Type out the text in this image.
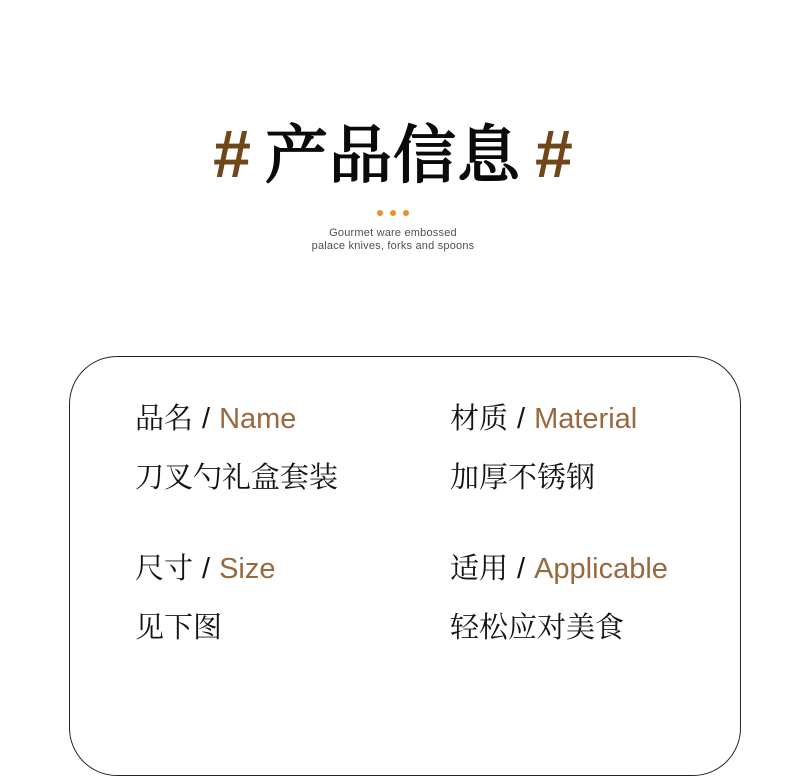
# 产品信息 #
Gourmet ware embossed
palace knives, forks and spoons
品名 / Name
刀叉勺礼盒套装
材质 / Material
加厚不锈钢
尺寸 / Size
见下图
适用 / Applicable
轻松应对美食
